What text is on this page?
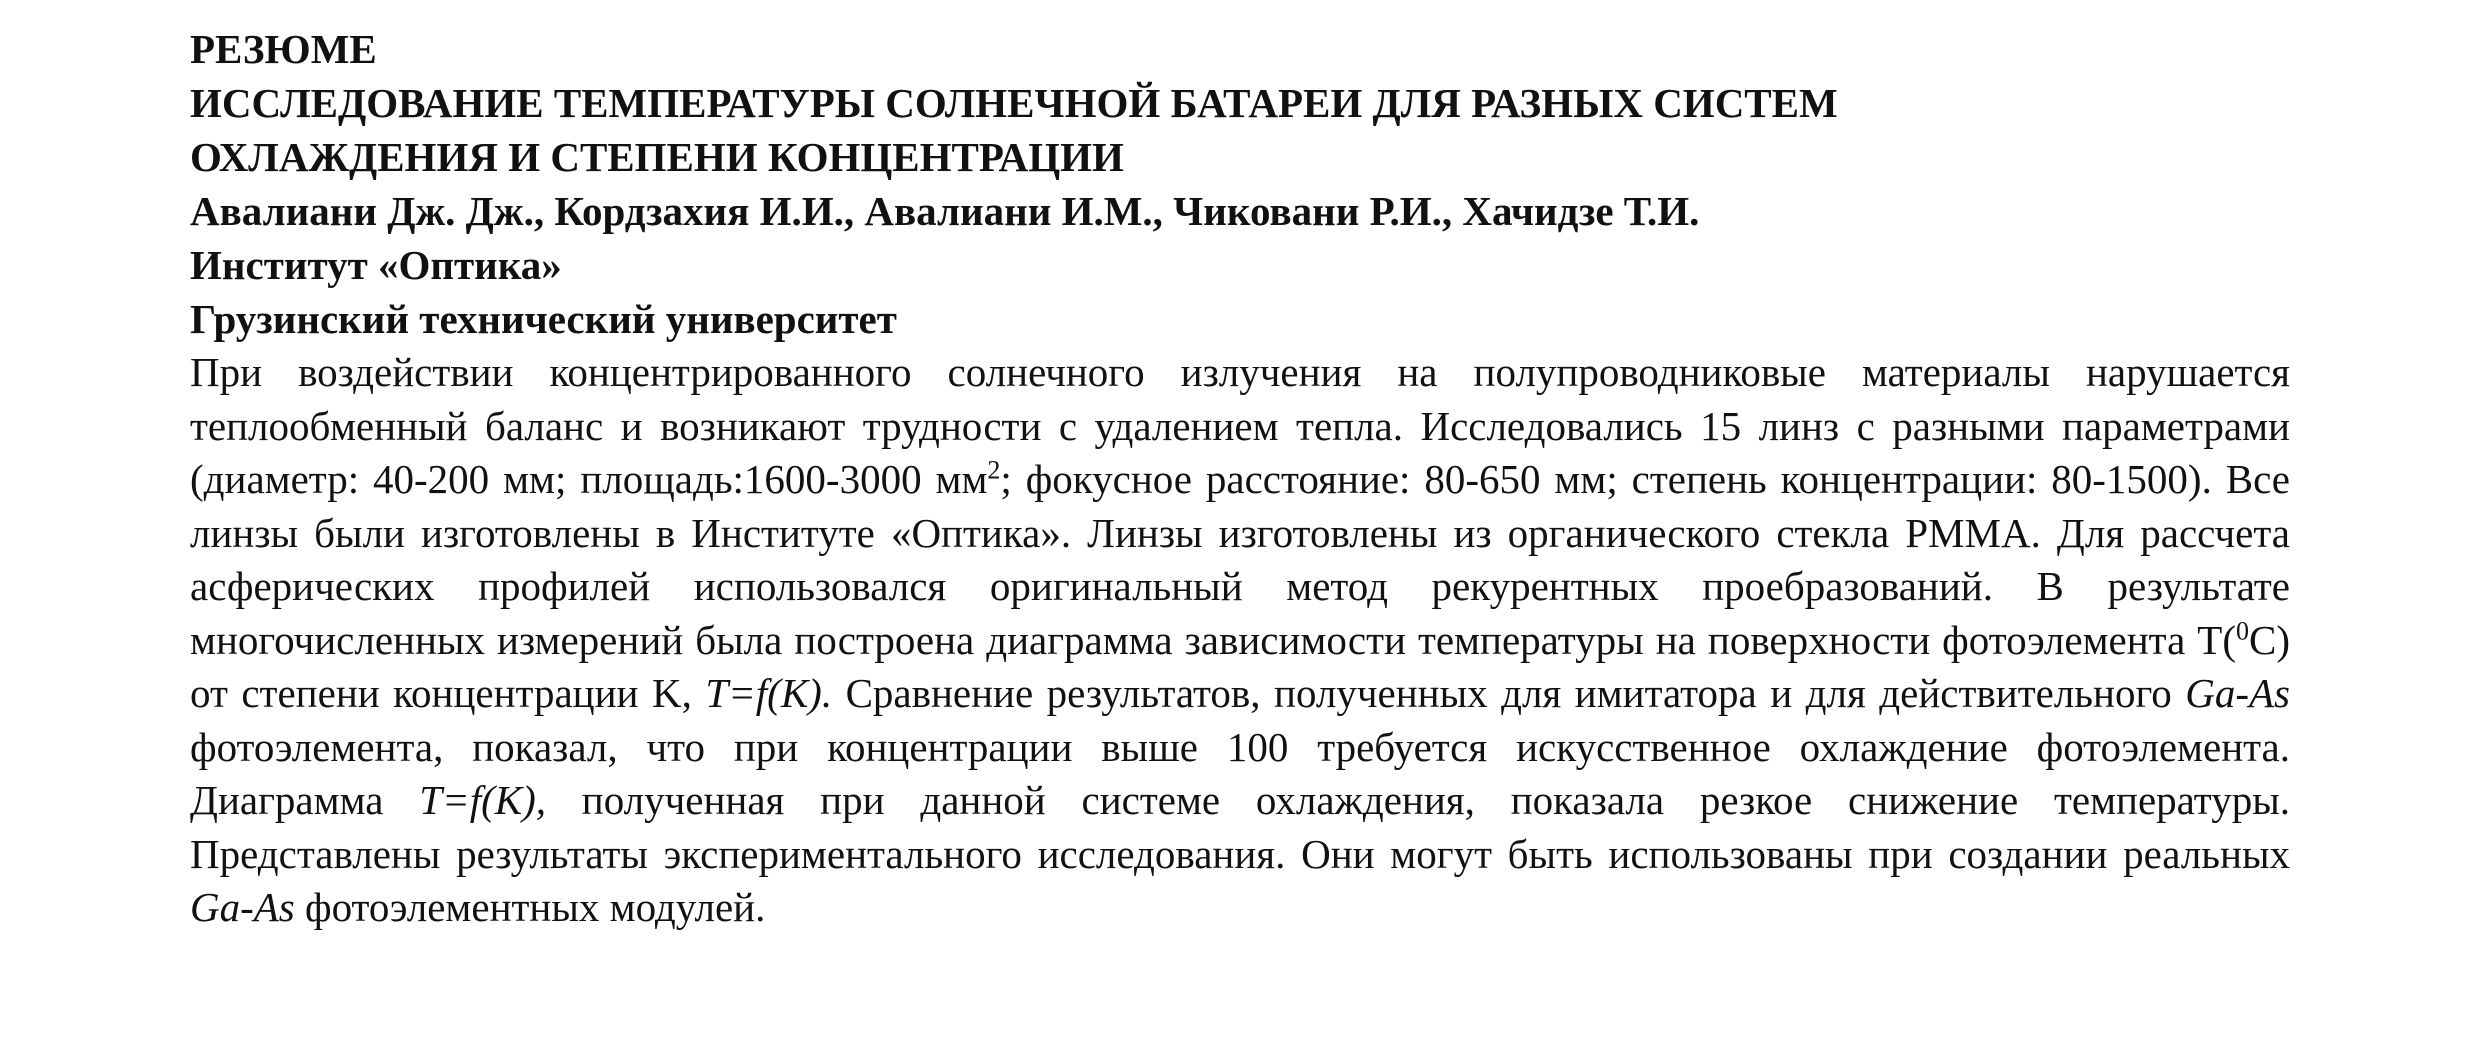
РЕЗЮМЕ
ИССЛЕДОВАНИЕ ТЕМПЕРАТУРЫ СОЛНЕЧНОЙ БАТАРЕИ ДЛЯ РАЗНЫХ СИСТЕМ
ОХЛАЖДЕНИЯ И СТЕПЕНИ КОНЦЕНТРАЦИИ
Авалиани Дж. Дж., Кордзахия И.И., Авалиани И.М., Чиковани Р.И., Хачидзе Т.И.
Институт «Оптика»
Грузинский технический университет
При воздействии концентрированного солнечного излучения на полупроводниковые материалы нарушается теплообменный баланс и возникают трудности с удалением тепла. Исследовались 15 линз с разными параметрами (диаметр: 40-200 мм; площадь:1600-3000 $мм^2$; фокусное расстояние: 80-650 мм; степень концентрации: 80-1500). Все линзы были изготовлены в Институте «Оптика». Линзы изготовлены из органического стекла PMMA. Для рассчета асферических профилей использовался оригинальный метод рекурентных проебразований. В результате многочисленных измерений была построена диаграмма зависимости температуры на поверхности фотоэлемента T($^0$C) от степени концентрации K, T=f(K). Сравнение результатов, полученных для имитатора и для действительного Ga-As фотоэлемента, показал, что при концентрации выше 100 требуется искусственное охлаждение фотоэлемента. Диаграмма T=f(K), полученная при данной системе охлаждения, показала резкое снижение температуры. Представлены результаты экспериментального исследования. Они могут быть использованы при создании реальных Ga-As фотоэлементных модулей.
